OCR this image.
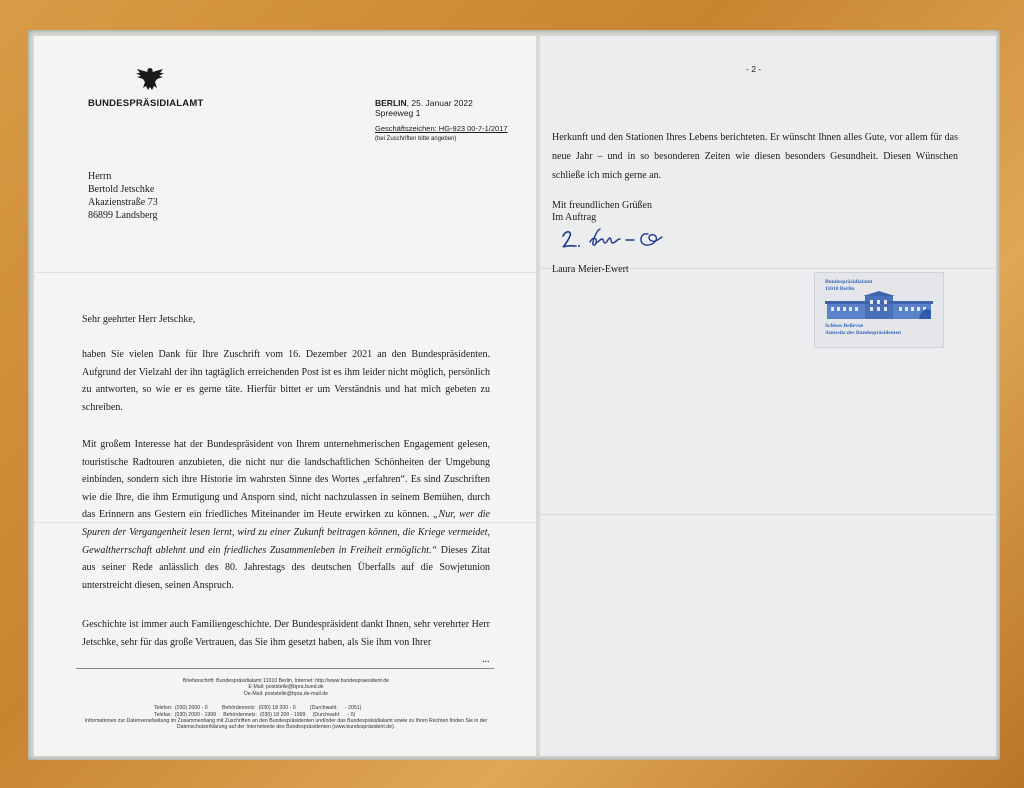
BUNDESPRÄSIDIALAMT	BERLIN, 25. Januar 2022
Spreeweg 1
Geschäftszeichen: HG-923 00-7-1/2017
(bei Zuschriften bitte angeben)
Herrn
Bertold Jetschke
Akazienstraße 73
86899 Landsberg
Sehr geehrter Herr Jetschke,
haben Sie vielen Dank für Ihre Zuschrift vom 16. Dezember 2021 an den Bundespräsidenten. Aufgrund der Vielzahl der ihn tagtäglich erreichenden Post ist es ihm leider nicht möglich, persönlich zu antworten, so wie er es gerne täte. Hierfür bittet er um Verständnis und hat mich gebeten zu schreiben.
Mit großem Interesse hat der Bundespräsident von Ihrem unternehmerischen Engagement gelesen, touristische Radtouren anzubieten, die nicht nur die landschaftlichen Schönheiten der Umgebung einbinden, sondern sich ihre Historie im wahrsten Sinne des Wortes „erfahren“. Es sind Zuschriften wie die Ihre, die ihm Ermutigung und Ansporn sind, nicht nachzulassen in seinem Bemühen, durch das Erinnern ans Gestern ein friedliches Miteinander im Heute erwirken zu können. „Nur, wer die Spuren der Vergangenheit lesen lernt, wird zu einer Zukunft beitragen können, die Kriege vermeidet, Gewaltherrschaft ablehnt und ein friedliches Zusammenleben in Freiheit ermöglicht.“ Dieses Zitat aus seiner Rede anlässlich des 80. Jahrestags des deutschen Überfalls auf die Sowjetunion unterstreicht diesen, seinen Anspruch.
Geschichte ist immer auch Familiengeschichte. Der Bundespräsident dankt Ihnen, sehr verehrter Herr Jetschke, sehr für das große Vertrauen, das Sie ihm gesetzt haben, als Sie ihm von Ihrer
...
Briefanschrift: Bundespräsidialamt 11010 Berlin, Internet: http://www.bundespraesident.de
E-Mail: poststelle@bpra.bund.de
De-Mail: poststelle@bpra.de-mail.de
Telefon:  (030) 2000 - 0          Behördennetz:  (030) 18 200 - 0          (Durchwahl:     - 2051)
Telefax:  (030) 2000 - 1999     Behördennetz:  (030) 18 200 - 1999     (Durchwahl:     - 0)
Informationen zur Datenverarbeitung im Zusammenhang mit Zuschriften an den Bundespräsidenten und/oder das Bundespräsidialamt sowie zu Ihren Rechten finden Sie in der Datenschutzerklärung auf der Internetseite des Bundespräsidenten (www.bundespräsident.de).
- 2 -
Herkunft und den Stationen Ihres Lebens berichteten. Er wünscht Ihnen alles Gute, vor allem für das neue Jahr – und in so besonderen Zeiten wie diesen besonders Gesundheit. Diesen Wünschen schließe ich mich gerne an.
Mit freundlichen Grüßen
Im Auftrag
Laura Meier-Ewert
Bundespräsidialamt
11010 Berlin
Schloss Bellevue
Amtssitz des Bundespräsidenten
